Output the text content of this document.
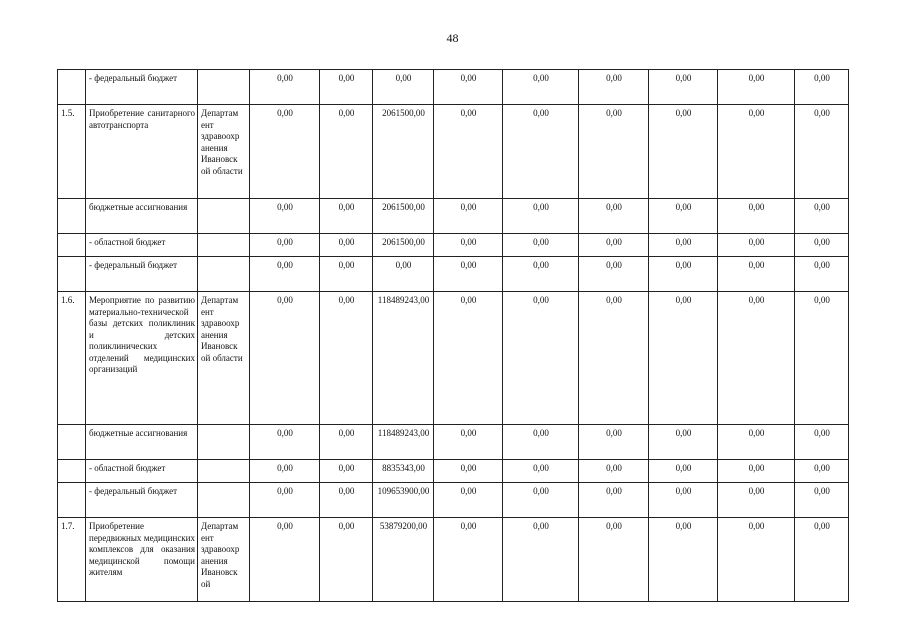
48
	- федеральный бюджет		0,00	0,00	0,00	0,00	0,00	0,00	0,00	0,00	0,00
1.5.	Приобретение санитарного автотранспорта	Департам ент здравоохр анения Ивановск ой области	0,00	0,00	2061500,00	0,00	0,00	0,00	0,00	0,00	0,00
	бюджетные ассигнования		0,00	0,00	2061500,00	0,00	0,00	0,00	0,00	0,00	0,00
	- областной бюджет		0,00	0,00	2061500,00	0,00	0,00	0,00	0,00	0,00	0,00
	- федеральный бюджет		0,00	0,00	0,00	0,00	0,00	0,00	0,00	0,00	0,00
1.6.	Мероприятие по развитию материально-технической базы детских поликлиник и детских поликлинических отделений медицинских организаций	Департам ент здравоохр анения Ивановск ой области	0,00	0,00	118489243,00	0,00	0,00	0,00	0,00	0,00	0,00
	бюджетные ассигнования		0,00	0,00	118489243,00	0,00	0,00	0,00	0,00	0,00	0,00
	- областной бюджет		0,00	0,00	8835343,00	0,00	0,00	0,00	0,00	0,00	0,00
	- федеральный бюджет		0,00	0,00	109653900,00	0,00	0,00	0,00	0,00	0,00	0,00
1.7.	Приобретение передвижных медицинских комплексов для оказания медицинской помощи жителям	Департам ент здравоохр анения Ивановск ой	0,00	0,00	53879200,00	0,00	0,00	0,00	0,00	0,00	0,00
